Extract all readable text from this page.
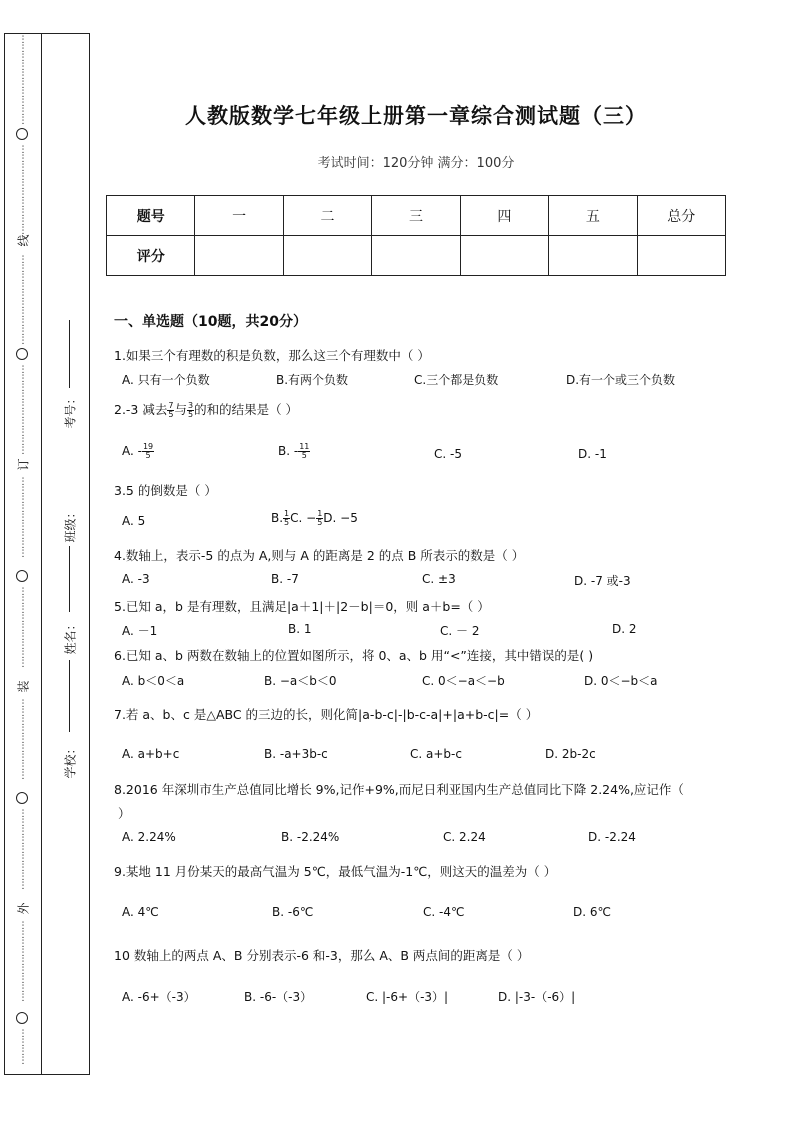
⋮
⋮
⋮
⋮
⋮
⋮
⋮
⋮
⋮
⋮
⋮
⋮
⋮
⋮
⋮
⋮
⋮
⋮
⋮
⋮
线
⋮
⋮
⋮
⋮
⋮
⋮
⋮
⋮
⋮
⋮
⋮
⋮
⋮
⋮
⋮
⋮
⋮
⋮
⋮
⋮
订
⋮
⋮
⋮
⋮
⋮
⋮
⋮
⋮
⋮
⋮
⋮
⋮
⋮
⋮
⋮
⋮
⋮
⋮
装
⋮
⋮
⋮
⋮
⋮
⋮
⋮
⋮
⋮
⋮
⋮
⋮
⋮
⋮
⋮
⋮
⋮
⋮
外
⋮
⋮
⋮
⋮
⋮
⋮
⋮
⋮
⋮
⋮
⋮
⋮
⋮
考号：
班级：
姓名：
学校：
人教版数学七年级上册第一章综合测试题（三）
考试时间：120分钟 满分：100分
题号	一	二	三	四	五	总分
评分						
一、单选题（10题，共20分）
1.如果三个有理数的积是负数，那么这三个有理数中（ ）
A. 只有一个负数	B.有两个负数	C.三个都是负数	D.有一个或三个负数
2.-3 减去 $\frac{7}{5}$ 与 $\frac{3}{5}$ 的和的结果是（ ）
A. - $\frac{19}{5}$	B. - $\frac{11}{5}$	C. -5	D. -1
3.5 的倒数是（ ）
A. 5	B. $\frac{1}{5} C$. − $\frac{1}{5} D$. −5
4.数轴上，表示-5 的点为 A,则与 A 的距离是 2 的点 B 所表示的数是（ ）
A. -3	B. -7	C. ±3	D. -7 或-3
5.已知 a，b 是有理数，且满足|a＋1|＋|2－b|＝0，则 a＋b=（ ）
A. －1	B. 1	C. － 2	D. 2
6.已知 a、b 两数在数轴上的位置如图所示，将 0、a、b 用“<”连接，其中错误的是( )
A. b＜0＜a	B. −a＜b＜0	C. 0＜−a＜−b	D. 0＜−b＜a
7.若 a、b、c 是△ABC 的三边的长，则化简|a-b-c|-|b-c-a|+|a+b-c|=（ ）
A. a+b+c	B. -a+3b-c	C. a+b-c	D. 2b-2c
8.2016 年深圳市生产总值同比增长 9%,记作+9%,而尼日利亚国内生产总值同比下降 2.24%,应记作（
）
A. 2.24%	B. -2.24%	C. 2.24	D. -2.24
9.某地 11 月份某天的最高气温为 5℃，最低气温为-1℃，则这天的温差为（ ）
A. 4℃	B. -6℃	C. -4℃	D. 6℃
10 数轴上的两点 A、B 分别表示-6 和-3，那么 A、B 两点间的距离是（ ）
A. -6+（-3）	B. -6-（-3）	C. |-6+（-3）|	D. |-3-（-6）|
